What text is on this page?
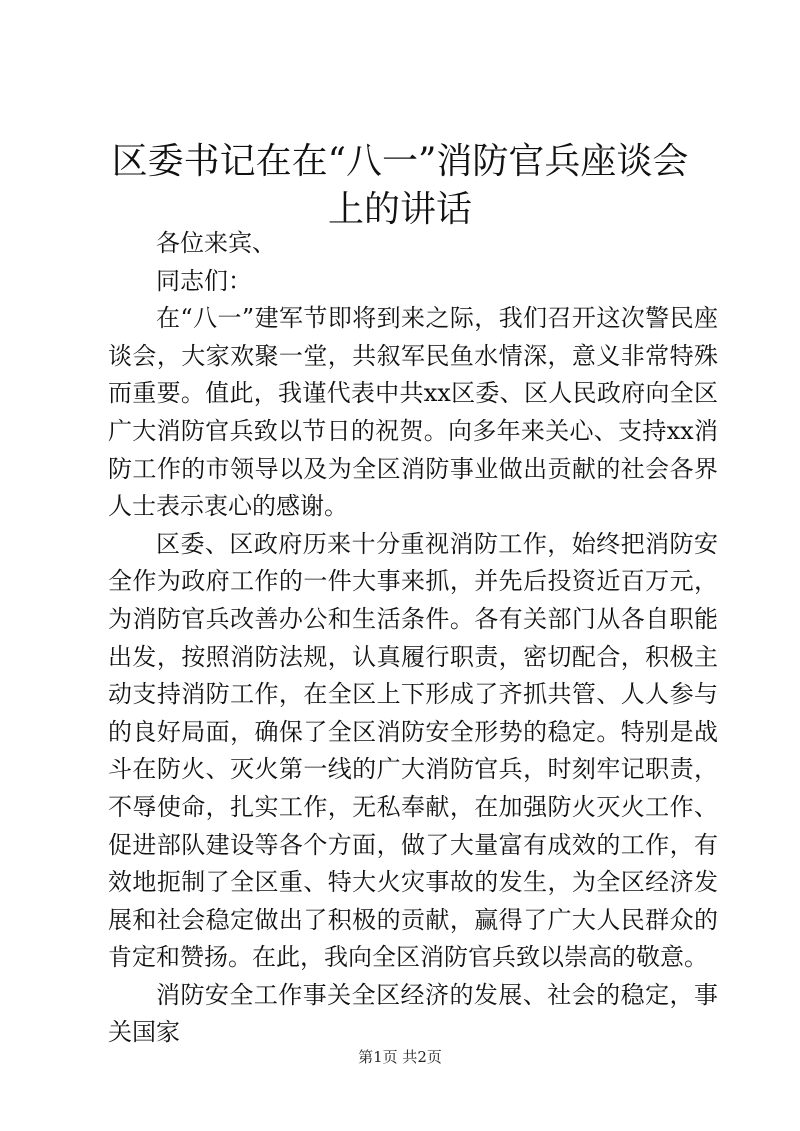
区委书记在在“八一”消防官兵座谈会上的讲话

各位来宾、

同志们：

在“八一”建军节即将到来之际，我们召开这次警民座谈会，大家欢聚一堂，共叙军民鱼水情深，意义非常特殊而重要。值此，我谨代表中共xx区委、区人民政府向全区广大消防官兵致以节日的祝贺。向多年来关心、支持xx消防工作的市领导以及为全区消防事业做出贡献的社会各界人士表示衷心的感谢。

区委、区政府历来十分重视消防工作，始终把消防安全作为政府工作的一件大事来抓，并先后投资近百万元，为消防官兵改善办公和生活条件。各有关部门从各自职能出发，按照消防法规，认真履行职责，密切配合，积极主动支持消防工作，在全区上下形成了齐抓共管、人人参与的良好局面，确保了全区消防安全形势的稳定。特别是战斗在防火、灭火第一线的广大消防官兵，时刻牢记职责，不辱使命，扎实工作，无私奉献，在加强防火灭火工作、促进部队建设等各个方面，做了大量富有成效的工作，有效地扼制了全区重、特大火灾事故的发生，为全区经济发展和社会稳定做出了积极的贡献，赢得了广大人民群众的肯定和赞扬。在此，我向全区消防官兵致以崇高的敬意。

消防安全工作事关全区经济的发展、社会的稳定，事关国家

第1页 共2页
